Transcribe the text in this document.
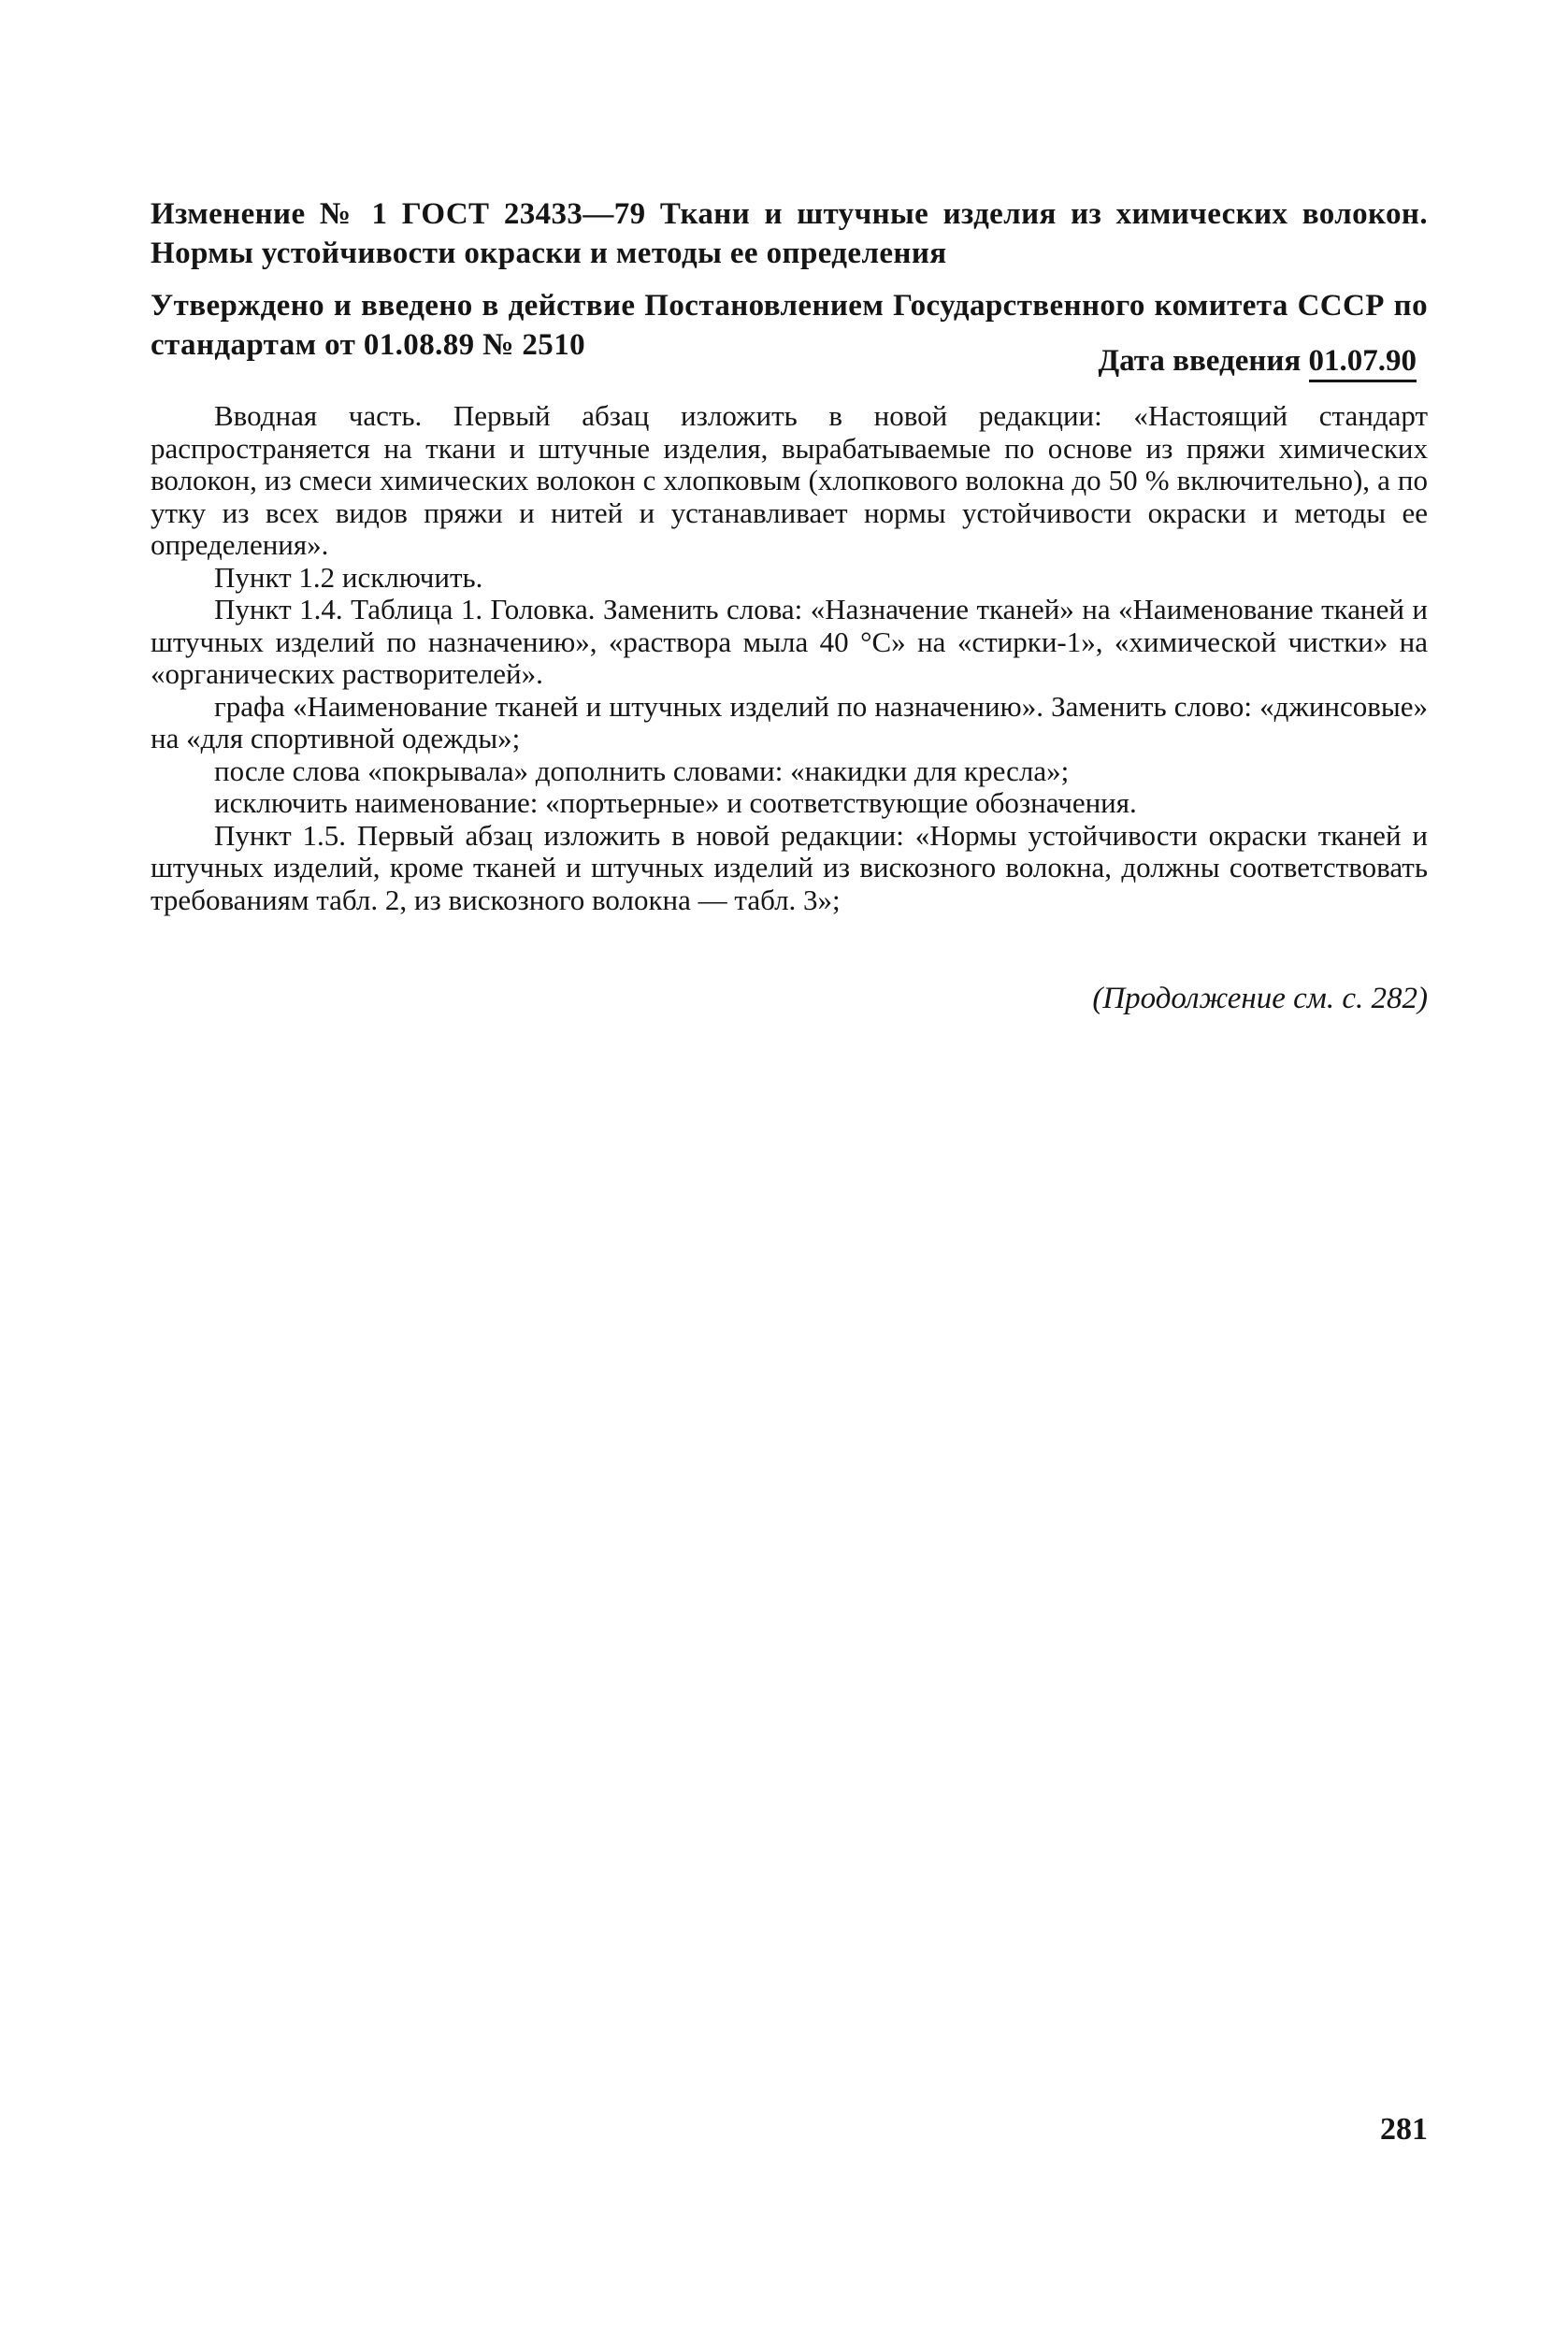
Изменение № 1 ГОСТ 23433—79 Ткани и штучные изделия из химических волокон. Нормы устойчивости окраски и методы ее определения

Утверждено и введено в действие Постановлением Государственного комитета СССР по стандартам от 01.08.89 № 2510	Дата введения 01.07.90

Вводная часть. Первый абзац изложить в новой редакции: «Настоящий стандарт распространяется на ткани и штучные изделия, вырабатываемые по основе из пряжи химических волокон, из смеси химических волокон с хлопковым (хлопкового волокна до 50 % включительно), а по утку из всех видов пряжи и нитей и устанавливает нормы устойчивости окраски и методы ее определения».

Пункт 1.2 исключить.

Пункт 1.4. Таблица 1. Головка. Заменить слова: «Назначение тканей» на «Наименование тканей и штучных изделий по назначению», «раствора мыла 40 °С» на «стирки-1», «химической чистки» на «органических растворителей».

графа «Наименование тканей и штучных изделий по назначению». Заменить слово: «джинсовые» на «для спортивной одежды»;

после слова «покрывала» дополнить словами: «накидки для кресла»;

исключить наименование: «портьерные» и соответствующие обозначения.

Пункт 1.5. Первый абзац изложить в новой редакции: «Нормы устойчивости окраски тканей и штучных изделий, кроме тканей и штучных изделий из вискозного волокна, должны соответствовать требованиям табл. 2, из вискозного волокна — табл. 3»;

(Продолжение см. с. 282)
281
